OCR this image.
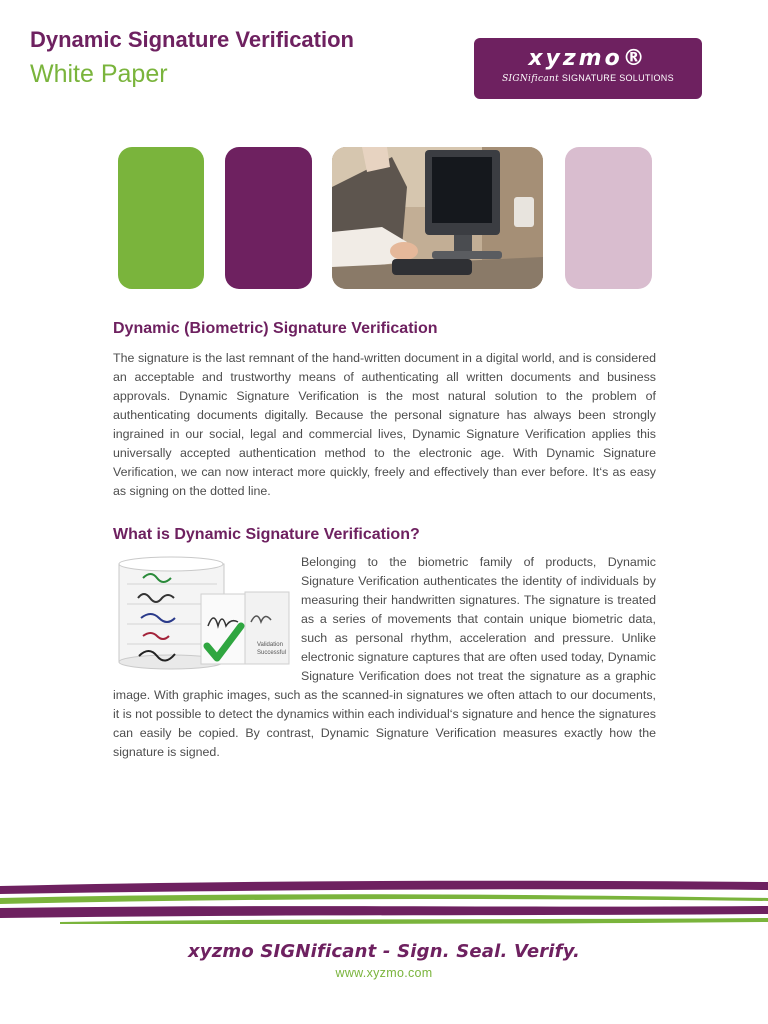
Dynamic Signature Verification
White Paper
xyzmo®
SIGNificant SIGNATURE SOLUTIONS
Dynamic (Biometric) Signature Verification

The signature is the last remnant of the hand-written document in a digital world, and is considered an acceptable and trustworthy means of authenticating all written documents and business approvals. Dynamic Signature Verification is the most natural solution to the problem of authenticating documents digitally. Because the personal signature has always been strongly ingrained in our social, legal and commercial lives, Dynamic Signature Verification applies this universally accepted authentication method to the electronic age. With Dynamic Signature Verification, we can now interact more quickly, freely and effectively than ever before. It‘s as easy as signing on the dotted line.

What is Dynamic Signature Verification?
Validation
Successful
Belonging to the biometric family of products, Dynamic Signature Verification authenticates the identity of individuals by measuring their handwritten signatures. The signature is treated as a series of movements that contain unique biometric data, such as personal rhythm, acceleration and pressure. Unlike electronic signature captures that are often used today, Dynamic Signature Verification does not treat the signature as a graphic image. With graphic images, such as the scanned-in signatures we often attach to our documents, it is not possible to detect the dynamics within each individual‘s signature and hence the signatures can easily be copied. By contrast, Dynamic Signature Verification measures exactly how the signature is signed.
xyzmo SIGNificant - Sign. Seal. Verify.
www.xyzmo.com
